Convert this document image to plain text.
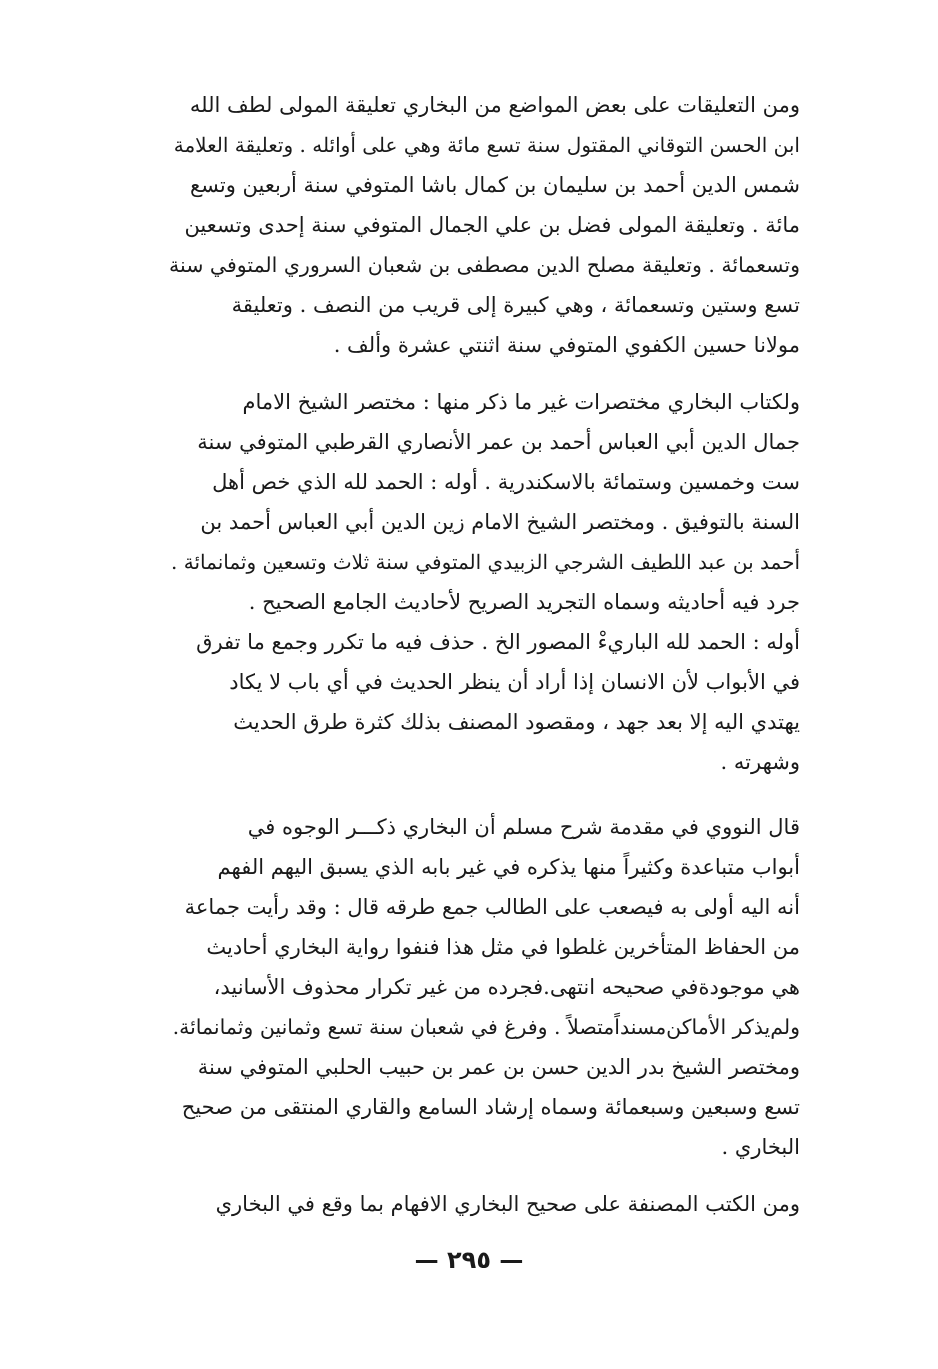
ومن التعليقات على بعض المواضع من البخاري تعليقة المولى لطف الله
ابن الحسن التوقاني المقتول سنة تسع مائة وهي على أوائله . وتعليقة العلامة
شمس الدين أحمد بن سليمان بن كمال باشا المتوفي سنة أربعين وتسع
مائة . وتعليقة المولى فضل بن علي الجمال المتوفي سنة إحدى وتسعين
وتسعمائة . وتعليقة مصلح الدين مصطفى بن شعبان السروري المتوفي سنة
تسع وستين وتسعمائة ، وهي كبيرة إلى قريب من النصف . وتعليقة
مولانا حسين الكفوي المتوفي سنة اثنتي عشرة وألف .
ولكتاب البخاري مختصرات غير ما ذكر منها : مختصر الشيخ الامام
جمال الدين أبي العباس أحمد بن عمر الأنصاري القرطبي المتوفي سنة
ست وخمسين وستمائة بالاسكندرية . أوله : الحمد لله الذي خص أهل
السنة بالتوفيق . ومختصر الشيخ الامام زين الدين أبي العباس أحمد بن
أحمد بن عبد اللطيف الشرجي الزبيدي المتوفي سنة ثلاث وتسعين وثمانمائة .
جرد فيه أحاديثه وسماه التجريد الصريح لأحاديث الجامع الصحيح .
أوله : الحمد لله الباريءْ المصور الخ . حذف فيه ما تكرر وجمع ما تفرق
في الأبواب لأن الانسان إذا أراد أن ينظر الحديث في أي باب لا يكاد
يهتدي اليه إلا بعد جهد ، ومقصود المصنف بذلك كثرة طرق الحديث
وشهرته .
قال النووي في مقدمة شرح مسلم أن البخاري ذكـــر الوجوه في
أبواب متباعدة وكثيراً منها يذكره في غير بابه الذي يسبق اليهم الفهم
أنه اليه أولى به فيصعب على الطالب جمع طرقه قال : وقد رأيت جماعة
من الحفاظ المتأخرين غلطوا في مثل هذا فنفوا رواية البخاري أحاديث
هي موجودةفي صحيحه انتهى.فجرده من غير تكرار محذوف الأسانيد،
ولم‌يذكر الأماكن‌مسنداًمتصلاً . وفرغ في شعبان سنة تسع وثمانين وثمانمائة.
ومختصر الشيخ بدر الدين حسن بن عمر بن حبيب الحلبي المتوفي سنة
تسع وسبعين وسبعمائة وسماه إرشاد السامع والقاري المنتقى من صحيح
البخاري .
ومن الكتب المصنفة على صحيح البخاري الافهام بما وقع في البخاري
— ٢٩٥ —
